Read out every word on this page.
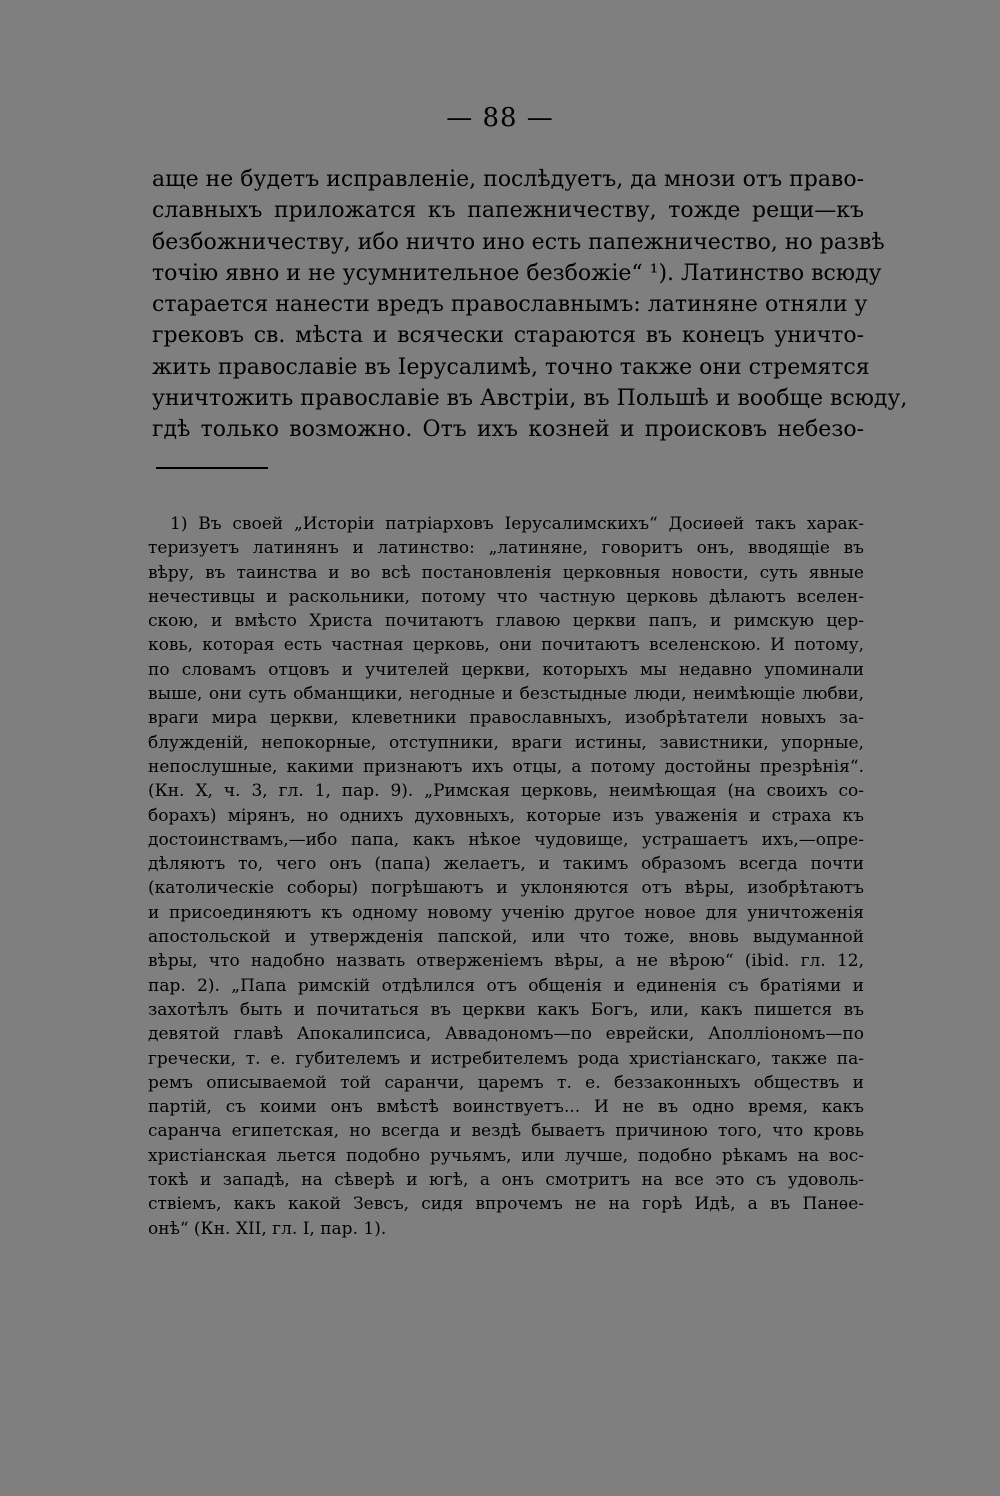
— 88 —
аще не будетъ исправленіе, послѣдуетъ, да мнози отъ право-
славныхъ приложатся къ папежничеству, тожде рещи—къ
безбожничеству, ибо ничто ино есть папежничество, но развѣ
точію явно и не усумнительное безбожіе“ ¹). Латинство всюду
старается нанести вредъ православнымъ: латиняне отняли у
грековъ св. мѣста и всячески стараются въ конецъ уничто-
жить православіе въ Іерусалимѣ, точно также они стремятся
уничтожить православіе въ Австріи, въ Польшѣ и вообще всюду,
гдѣ только возможно. Отъ ихъ козней и происковъ небезо-
1) Въ своей „Исторіи патріарховъ Іерусалимскихъ“ Досиѳей такъ харак-
теризуетъ латинянъ и латинство: „латиняне, говоритъ онъ, вводящіе въ
вѣру, въ таинства и во всѣ постановленія церковныя новости, суть явные
нечестивцы и раскольники, потому что частную церковь дѣлаютъ вселен-
скою, и вмѣсто Христа почитаютъ главою церкви папъ, и римскую цер-
ковь, которая есть частная церковь, они почитаютъ вселенскою. И потому,
по словамъ отцовъ и учителей церкви, которыхъ мы недавно упоминали
выше, они суть обманщики, негодные и безстыдные люди, неимѣющіе любви,
враги мира церкви, клеветники православныхъ, изобрѣтатели новыхъ за-
блужденій, непокорные, отступники, враги истины, завистники, упорные,
непослушные, какими признаютъ ихъ отцы, а потому достойны презрѣнія“.
(Кн. X, ч. 3, гл. 1, пар. 9). „Римская церковь, неимѣющая (на своихъ со-
борахъ) мірянъ, но однихъ духовныхъ, которые изъ уваженія и страха къ
достоинствамъ,—ибо папа, какъ нѣкое чудовище, устрашаетъ ихъ,—опре-
дѣляютъ то, чего онъ (папа) желаетъ, и такимъ образомъ всегда почти
(католическіе соборы) погрѣшаютъ и уклоняются отъ вѣры, изобрѣтаютъ
и присоединяютъ къ одному новому ученію другое новое для уничтоженія
апостольской и утвержденія папской, или что тоже, вновь выдуманной
вѣры, что надобно назвать отверженіемъ вѣры, а не вѣрою“ (ibid. гл. 12,
пар. 2). „Папа римскій отдѣлился отъ общенія и единенія съ братіями и
захотѣлъ быть и почитаться въ церкви какъ Богъ, или, какъ пишется въ
девятой главѣ Апокалипсиса, Аввадономъ—по еврейски, Аполліономъ—по
гречески, т. е. губителемъ и истребителемъ рода христіанскаго, также па-
ремъ описываемой той саранчи, царемъ т. е. беззаконныхъ обществъ и
партій, съ коими онъ вмѣстѣ воинствуетъ... И не въ одно время, какъ
саранча египетская, но всегда и вездѣ бываетъ причиною того, что кровь
христіанская льется подобно ручьямъ, или лучше, подобно рѣкамъ на вос-
токѣ и западѣ, на сѣверѣ и югѣ, а онъ смотритъ на все это съ удоволь-
ствіемъ, какъ какой Зевсъ, сидя впрочемъ не на горѣ Идѣ, а въ Панѳе-
онѣ“ (Кн. XII, гл. I, пар. 1).
